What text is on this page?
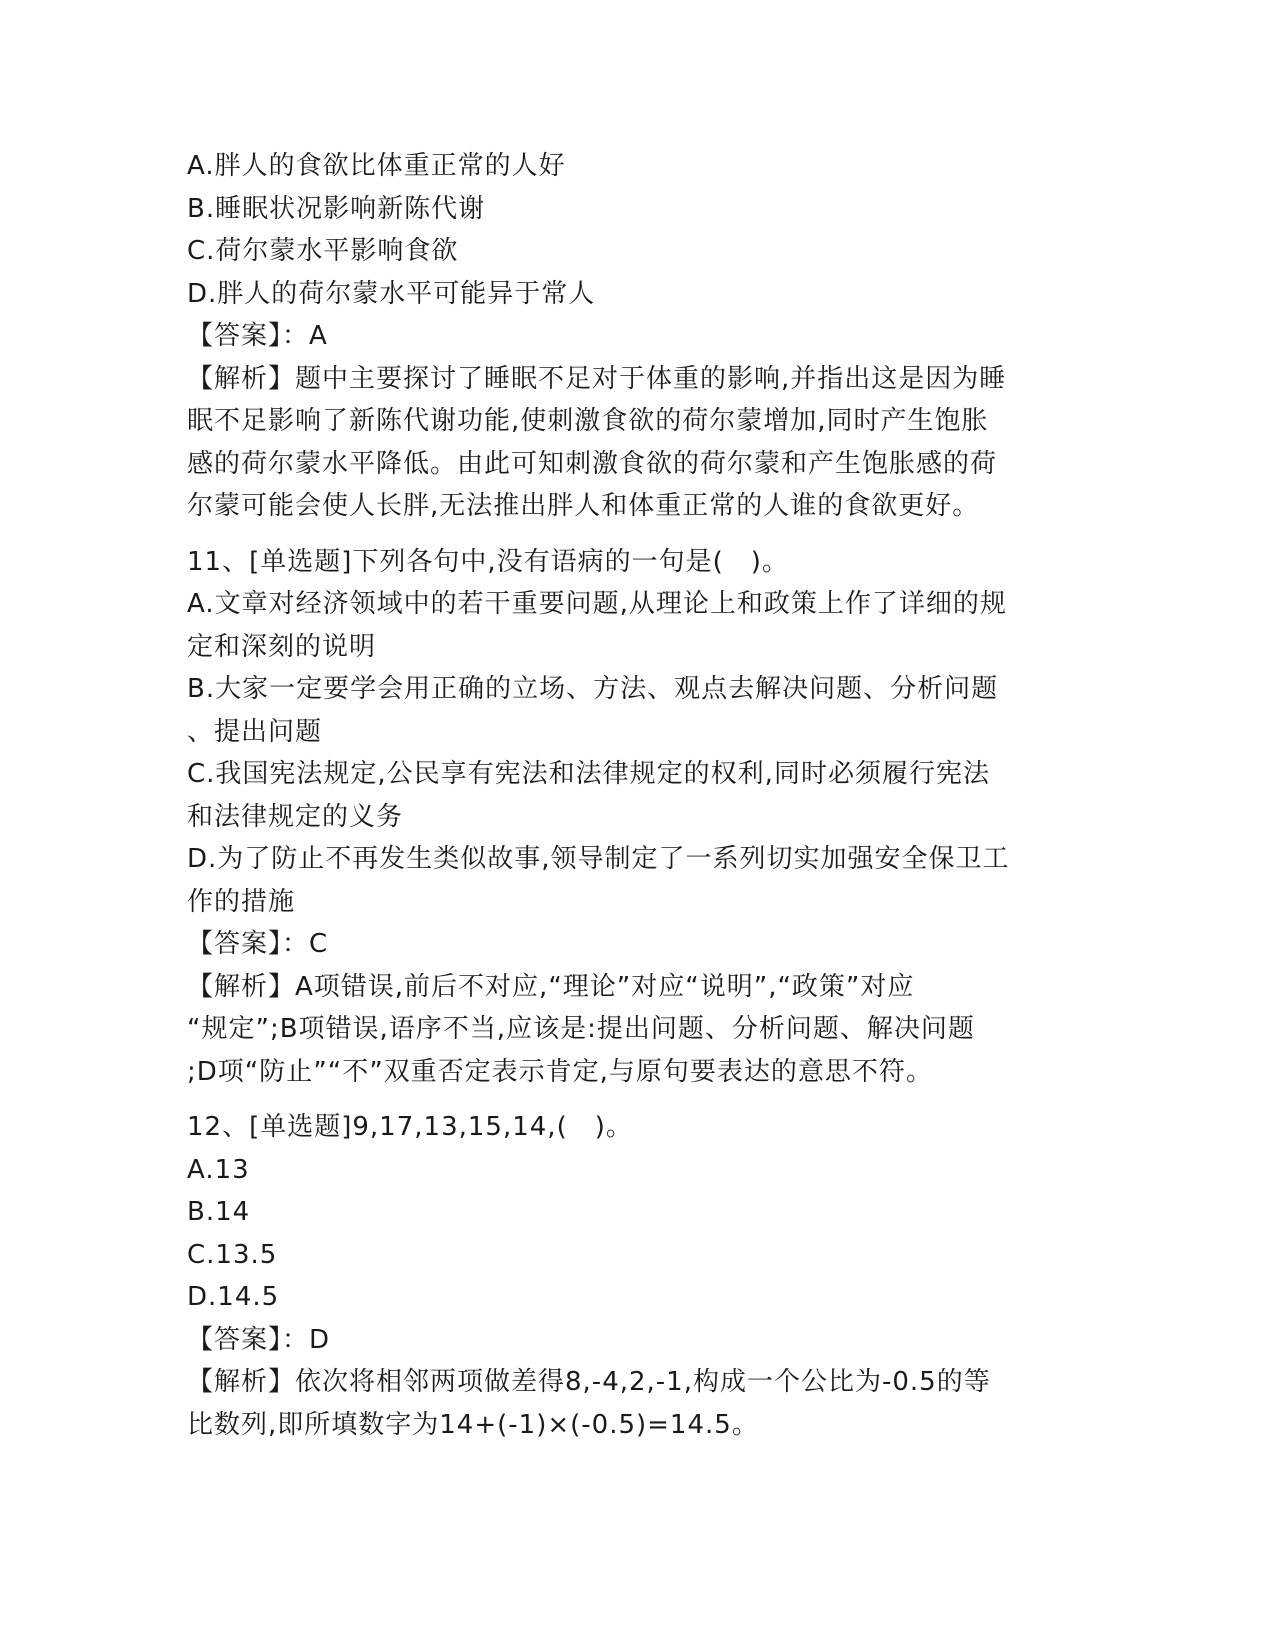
A.胖人的食欲比体重正常的人好
B.睡眠状况影响新陈代谢
C.荷尔蒙水平影响食欲
D.胖人的荷尔蒙水平可能异于常人
【答案】：A
【解析】题中主要探讨了睡眠不足对于体重的影响,并指出这是因为睡
眠不足影响了新陈代谢功能,使刺激食欲的荷尔蒙增加,同时产生饱胀
感的荷尔蒙水平降低。由此可知刺激食欲的荷尔蒙和产生饱胀感的荷
尔蒙可能会使人长胖,无法推出胖人和体重正常的人谁的食欲更好。
11、[单选题]下列各句中,没有语病的一句是(　)。
A.文章对经济领域中的若干重要问题,从理论上和政策上作了详细的规
定和深刻的说明
B.大家一定要学会用正确的立场、方法、观点去解决问题、分析问题
、提出问题
C.我国宪法规定,公民享有宪法和法律规定的权利,同时必须履行宪法
和法律规定的义务
D.为了防止不再发生类似故事,领导制定了一系列切实加强安全保卫工
作的措施
【答案】：C
【解析】A项错误,前后不对应,“理论”对应“说明”,“政策”对应
“规定”;B项错误,语序不当,应该是:提出问题、分析问题、解决问题
;D项“防止”“不”双重否定表示肯定,与原句要表达的意思不符。
12、[单选题]9,17,13,15,14,(　)。
A.13
B.14
C.13.5
D.14.5
【答案】：D
【解析】依次将相邻两项做差得8,-4,2,-1,构成一个公比为-0.5的等
比数列,即所填数字为14+(-1)×(-0.5)=14.5。
